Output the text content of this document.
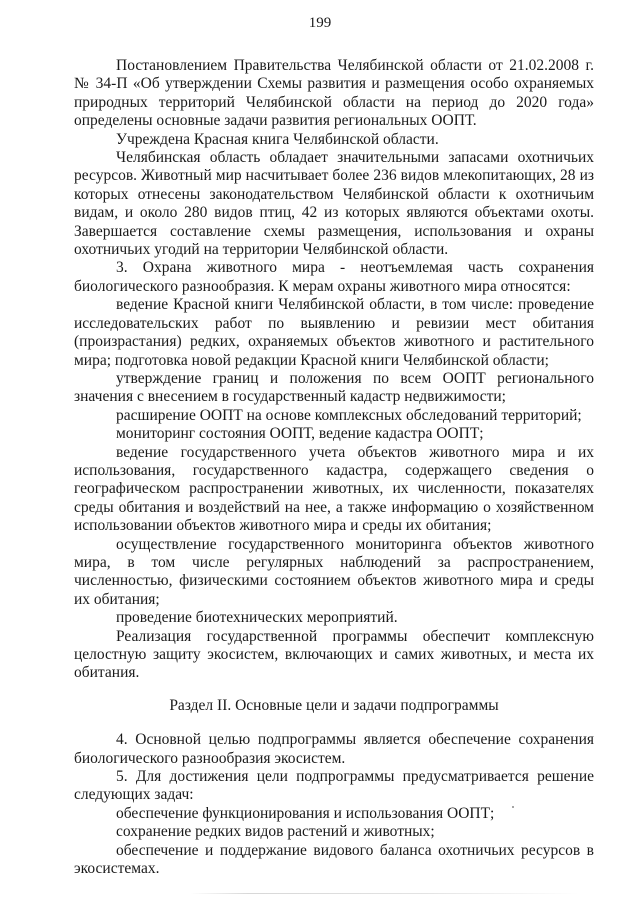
199

Постановлением Правительства Челябинской области от 21.02.2008 г. № 34-П «Об утверждении Схемы развития и размещения особо охраняемых природных территорий Челябинской области на период до 2020 года» определены основные задачи развития региональных ООПТ.

Учреждена Красная книга Челябинской области.

Челябинская область обладает значительными запасами охотничьих ресурсов. Животный мир насчитывает более 236 видов млекопитающих, 28 из которых отнесены законодательством Челябинской области к охотничьим видам, и около 280 видов птиц, 42 из которых являются объектами охоты. Завершается составление схемы размещения, использования и охраны охотничьих угодий на территории Челябинской области.

3. Охрана животного мира - неотъемлемая часть сохранения биологического разнообразия. К мерам охраны животного мира относятся:

ведение Красной книги Челябинской области, в том числе: проведение исследовательских работ по выявлению и ревизии мест обитания (произрастания) редких, охраняемых объектов животного и растительного мира; подготовка новой редакции Красной книги Челябинской области;

утверждение границ и положения по всем ООПТ регионального значения с внесением в государственный кадастр недвижимости;

расширение ООПТ на основе комплексных обследований территорий;

мониторинг состояния ООПТ, ведение кадастра ООПТ;

ведение государственного учета объектов животного мира и их использования, государственного кадастра, содержащего сведения о географическом распространении животных, их численности, показателях среды обитания и воздействий на нее, а также информацию о хозяйственном использовании объектов животного мира и среды их обитания;

осуществление государственного мониторинга объектов животного мира, в том числе регулярных наблюдений за распространением, численностью, физическими состоянием объектов животного мира и среды их обитания;

проведение биотехнических мероприятий.

Реализация государственной программы обеспечит комплексную целостную защиту экосистем, включающих и самих животных, и места их обитания.

Раздел II. Основные цели и задачи подпрограммы

4. Основной целью подпрограммы является обеспечение сохранения биологического разнообразия экосистем.

5. Для достижения цели подпрограммы предусматривается решение следующих задач:

обеспечение функционирования и использования ООПТ;

сохранение редких видов растений и животных;

обеспечение и поддержание видового баланса охотничьих ресурсов в экосистемах.
